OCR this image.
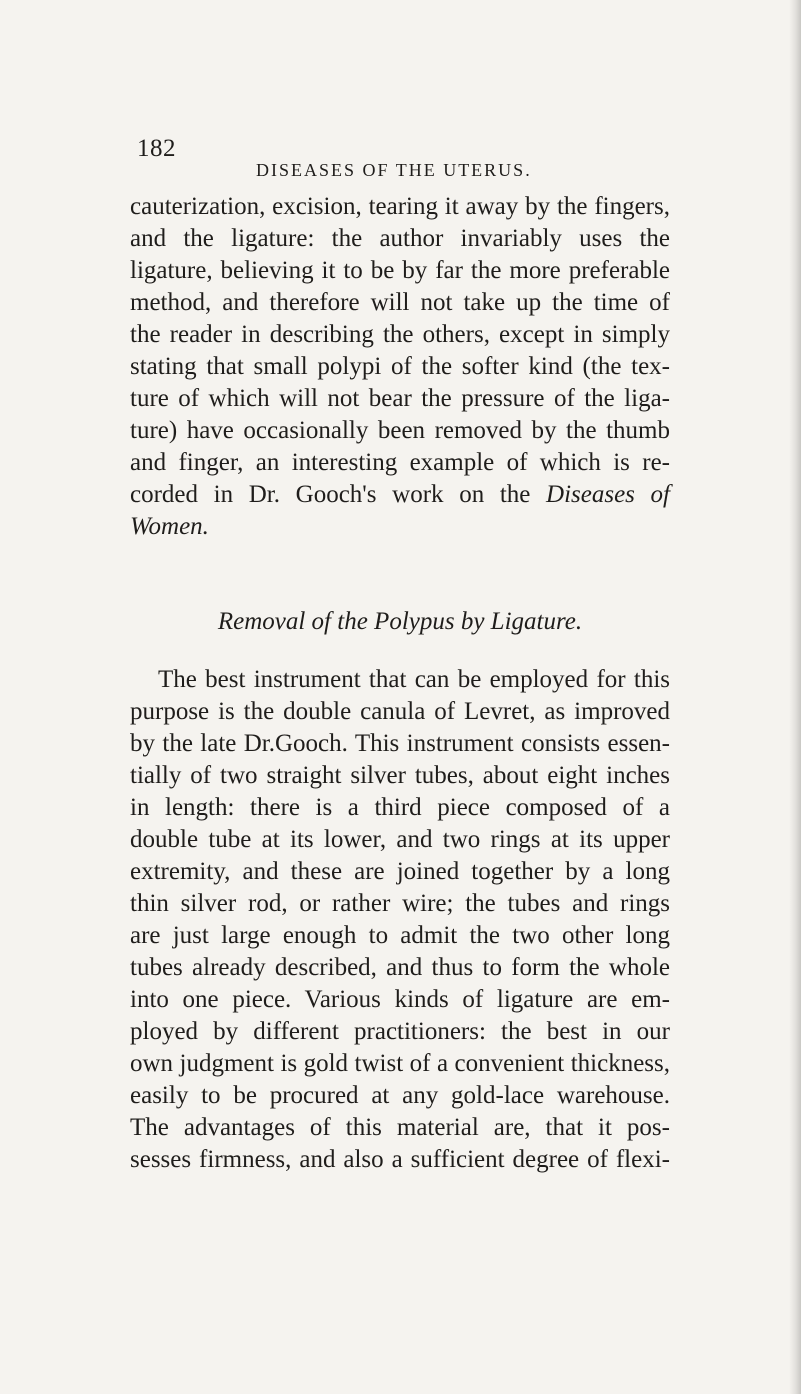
182
DISEASES OF THE UTERUS.
cauterization, excision, tearing it away by the fingers,
and the ligature: the author invariably uses the
ligature, believing it to be by far the more preferable
method, and therefore will not take up the time of
the reader in describing the others, except in simply
stating that small polypi of the softer kind (the tex-
ture of which will not bear the pressure of the liga-
ture) have occasionally been removed by the thumb
and finger, an interesting example of which is re-
corded in Dr. Gooch's work on the Diseases of
Women.
Removal of the Polypus by Ligature.
The best instrument that can be employed for this
purpose is the double canula of Levret, as improved
by the late Dr.Gooch. This instrument consists essen-
tially of two straight silver tubes, about eight inches
in length: there is a third piece composed of a
double tube at its lower, and two rings at its upper
extremity, and these are joined together by a long
thin silver rod, or rather wire; the tubes and rings
are just large enough to admit the two other long
tubes already described, and thus to form the whole
into one piece. Various kinds of ligature are em-
ployed by different practitioners: the best in our
own judgment is gold twist of a convenient thickness,
easily to be procured at any gold-lace warehouse.
The advantages of this material are, that it pos-
sesses firmness, and also a sufficient degree of flexi-
